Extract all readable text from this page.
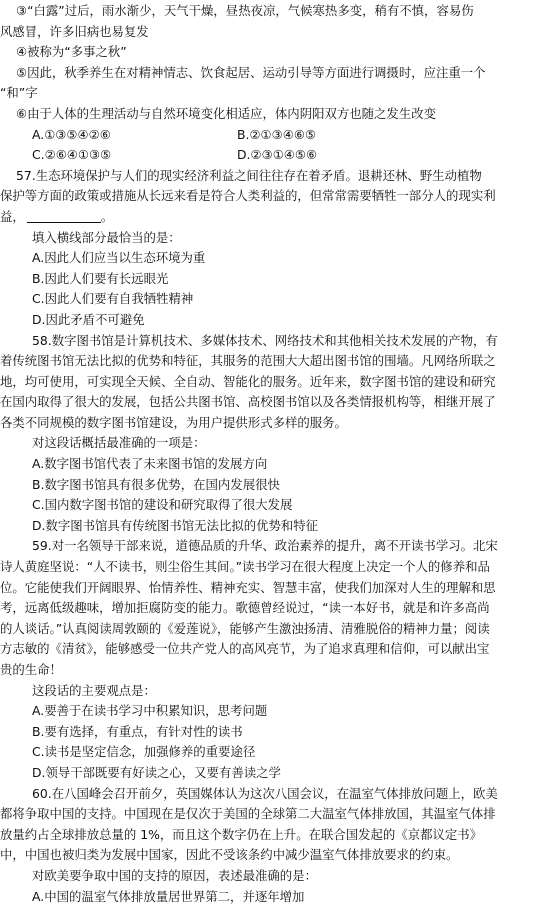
③“白露”过后，雨水渐少，天气干燥，昼热夜凉，气候寒热多变，稍有不慎，容易伤

风感冒，许多旧病也易复发

④被称为“多事之秋”

⑤因此，秋季养生在对精神情志、饮食起居、运动引导等方面进行调摄时，应注重一个

“和”字

⑥由于人体的生理活动与自然环境变化相适应，体内阴阳双方也随之发生改变

A.①③⑤④②⑥	B.②①③④⑥⑤
C.②⑥④①③⑤	D.②③①④⑤⑥

57.生态环境保护与人们的现实经济利益之间往往存在着矛盾。退耕还林、野生动植物

保护等方面的政策或措施从长远来看是符合人类利益的，但常常需要牺牲一部分人的现实利

益，	。

填入横线部分最恰当的是：

A.因此人们应当以生态环境为重

B.因此人们要有长远眼光

C.因此人们要有自我牺牲精神

D.因此矛盾不可避免

58.数字图书馆是计算机技术、多媒体技术、网络技术和其他相关技术发展的产物，有

着传统图书馆无法比拟的优势和特征，其服务的范围大大超出图书馆的围墙。凡网络所联之

地，均可使用，可实现全天候、全自动、智能化的服务。近年来，数字图书馆的建设和研究

在国内取得了很大的发展，包括公共图书馆、高校图书馆以及各类情报机构等，相继开展了

各类不同规模的数字图书馆建设，为用户提供形式多样的服务。

对这段话概括最准确的一项是：

A.数字图书馆代表了未来图书馆的发展方向

B.数字图书馆具有很多优势，在国内发展很快

C.国内数字图书馆的建设和研究取得了很大发展

D.数字图书馆具有传统图书馆无法比拟的优势和特征

59.对一名领导干部来说，道德品质的升华、政治素养的提升，离不开读书学习。北宋

诗人黄庭坚说：“人不读书，则尘俗生其间。”读书学习在很大程度上决定一个人的修养和品

位。它能使我们开阔眼界、怡情养性、精神充实、智慧丰富，使我们加深对人生的理解和思

考，远离低级趣味，增加拒腐防变的能力。歌德曾经说过，“读一本好书，就是和许多高尚

的人谈话。”认真阅读周敦颐的《爱莲说》，能够产生激浊扬清、清雅脱俗的精神力量；阅读

方志敏的《清贫》，能够感受一位共产党人的高风亮节，为了追求真理和信仰，可以献出宝

贵的生命！

这段话的主要观点是：

A.要善于在读书学习中积累知识，思考问题

B.要有选择，有重点，有针对性的读书

C.读书是坚定信念，加强修养的重要途径

D.领导干部既要有好读之心，又要有善读之学

60.在八国峰会召开前夕，英国媒体认为这次八国会议，在温室气体排放问题上，欧美

都将争取中国的支持。中国现在是仅次于美国的全球第二大温室气体排放国，其温室气体排

放量约占全球排放总量的 1%，而且这个数字仍在上升。在联合国发起的《京都议定书》

中，中国也被归类为发展中国家，因此不受该条约中减少温室气体排放要求的约束。

对欧美要争取中国的支持的原因，表述最准确的是：

A.中国的温室气体排放量居世界第二，并逐年增加
